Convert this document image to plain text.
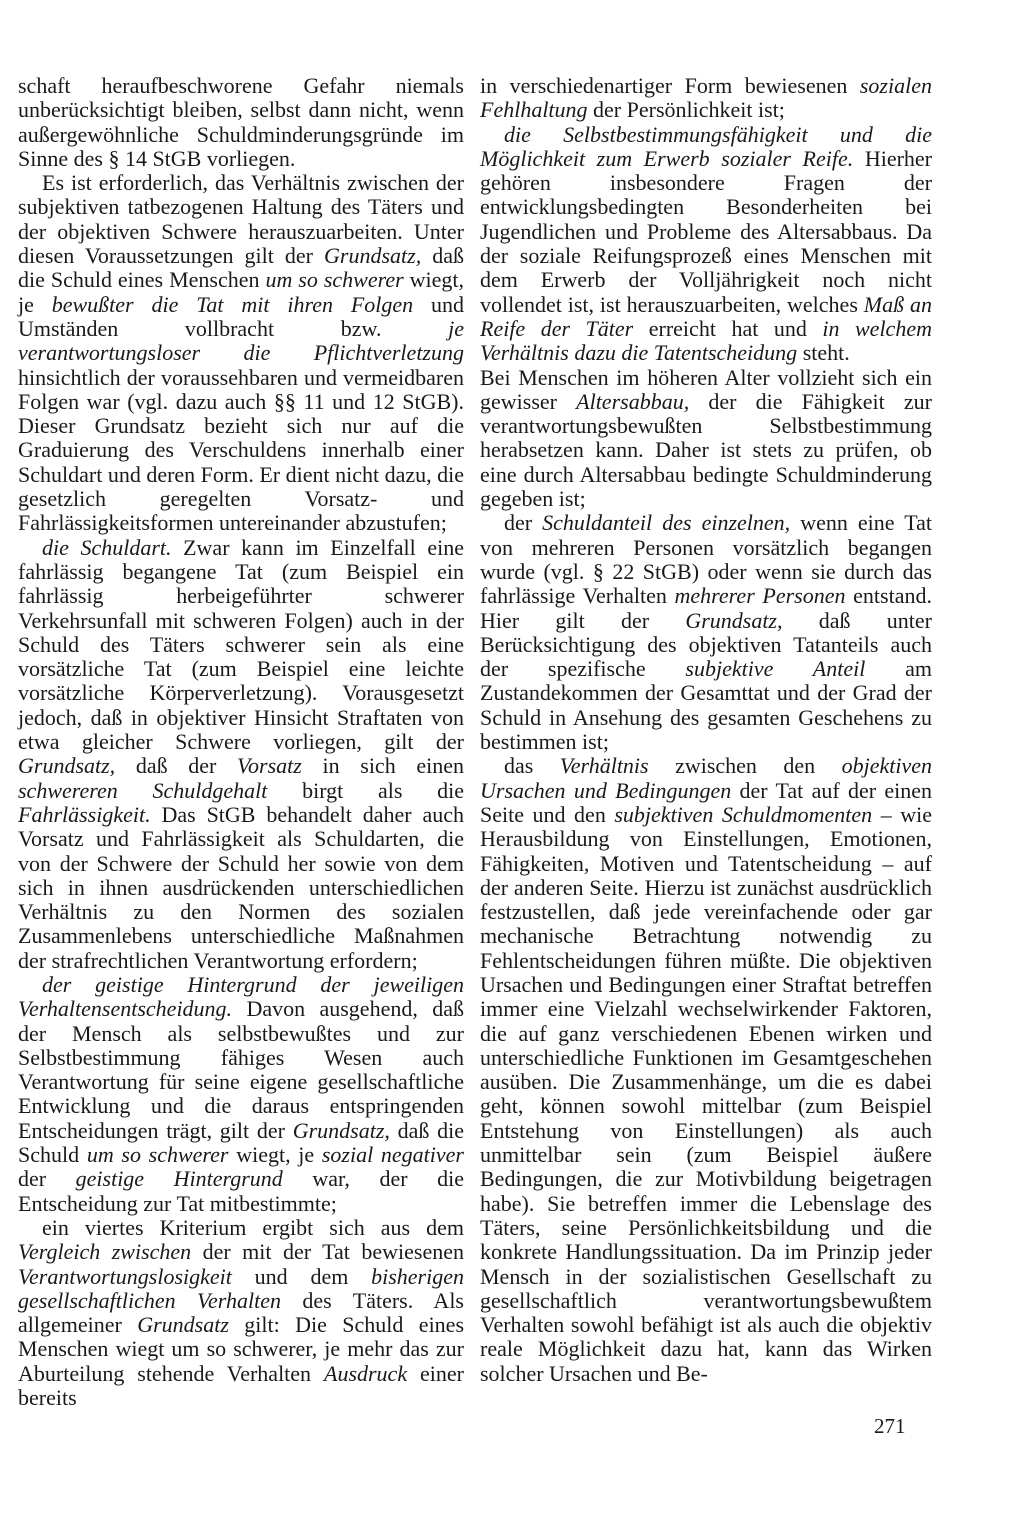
schaft heraufbeschworene Gefahr niemals unberücksichtigt bleiben, selbst dann nicht, wenn außergewöhnliche Schuldminderungsgründe im Sinne des § 14 StGB vorliegen.

Es ist erforderlich, das Verhältnis zwischen der subjektiven tatbezogenen Haltung des Täters und der objektiven Schwere herauszuarbeiten. Unter diesen Voraussetzungen gilt der Grundsatz, daß die Schuld eines Menschen um so schwerer wiegt, je bewußter die Tat mit ihren Folgen und Umständen vollbracht bzw. je verantwortungsloser die Pflichtverletzung hinsichtlich der voraussehbaren und vermeidbaren Folgen war (vgl. dazu auch §§ 11 und 12 StGB). Dieser Grundsatz bezieht sich nur auf die Graduierung des Verschuldens innerhalb einer Schuldart und deren Form. Er dient nicht dazu, die gesetzlich geregelten Vorsatz- und Fahrlässigkeitsformen untereinander abzustufen;

die Schuldart. Zwar kann im Einzelfall eine fahrlässig begangene Tat (zum Beispiel ein fahrlässig herbeigeführter schwerer Verkehrsunfall mit schweren Folgen) auch in der Schuld des Täters schwerer sein als eine vorsätzliche Tat (zum Beispiel eine leichte vorsätzliche Körperverletzung). Vorausgesetzt jedoch, daß in objektiver Hinsicht Straftaten von etwa gleicher Schwere vorliegen, gilt der Grundsatz, daß der Vorsatz in sich einen schwereren Schuldgehalt birgt als die Fahrlässigkeit. Das StGB behandelt daher auch Vorsatz und Fahrlässigkeit als Schuldarten, die von der Schwere der Schuld her sowie von dem sich in ihnen ausdrückenden unterschiedlichen Verhältnis zu den Normen des sozialen Zusammenlebens unterschiedliche Maßnahmen der strafrechtlichen Verantwortung erfordern;

der geistige Hintergrund der jeweiligen Verhaltensentscheidung. Davon ausgehend, daß der Mensch als selbstbewußtes und zur Selbstbestimmung fähiges Wesen auch Verantwortung für seine eigene gesellschaftliche Entwicklung und die daraus entspringenden Entscheidungen trägt, gilt der Grundsatz, daß die Schuld um so schwerer wiegt, je sozial negativer der geistige Hintergrund war, der die Entscheidung zur Tat mitbestimmte;

ein viertes Kriterium ergibt sich aus dem Vergleich zwischen der mit der Tat bewiesenen Verantwortungslosigkeit und dem bisherigen gesellschaftlichen Verhalten des Täters. Als allgemeiner Grundsatz gilt: Die Schuld eines Menschen wiegt um so schwerer, je mehr das zur Aburteilung stehende Verhalten Ausdruck einer bereits

in verschiedenartiger Form bewiesenen sozialen Fehlhaltung der Persönlichkeit ist;

die Selbstbestimmungsfähigkeit und die Möglichkeit zum Erwerb sozialer Reife. Hierher gehören insbesondere Fragen der entwicklungsbedingten Besonderheiten bei Jugendlichen und Probleme des Altersabbaus. Da der soziale Reifungsprozeß eines Menschen mit dem Erwerb der Volljährigkeit noch nicht vollendet ist, ist herauszuarbeiten, welches Maß an Reife der Täter erreicht hat und in welchem Verhältnis dazu die Tatentscheidung steht.

Bei Menschen im höheren Alter vollzieht sich ein gewisser Altersabbau, der die Fähigkeit zur verantwortungsbewußten Selbstbestimmung herabsetzen kann. Daher ist stets zu prüfen, ob eine durch Altersabbau bedingte Schuldminderung gegeben ist;

der Schuldanteil des einzelnen, wenn eine Tat von mehreren Personen vorsätzlich begangen wurde (vgl. § 22 StGB) oder wenn sie durch das fahrlässige Verhalten mehrerer Personen entstand. Hier gilt der Grundsatz, daß unter Berücksichtigung des objektiven Tatanteils auch der spezifische subjektive Anteil am Zustandekommen der Gesamttat und der Grad der Schuld in Ansehung des gesamten Geschehens zu bestimmen ist;

das Verhältnis zwischen den objektiven Ursachen und Bedingungen der Tat auf der einen Seite und den subjektiven Schuldmomenten – wie Herausbildung von Einstellungen, Emotionen, Fähigkeiten, Motiven und Tatentscheidung – auf der anderen Seite. Hierzu ist zunächst ausdrücklich festzustellen, daß jede vereinfachende oder gar mechanische Betrachtung notwendig zu Fehlentscheidungen führen müßte. Die objektiven Ursachen und Bedingungen einer Straftat betreffen immer eine Vielzahl wechselwirkender Faktoren, die auf ganz verschiedenen Ebenen wirken und unterschiedliche Funktionen im Gesamtgeschehen ausüben. Die Zusammenhänge, um die es dabei geht, können sowohl mittelbar (zum Beispiel Entstehung von Einstellungen) als auch unmittelbar sein (zum Beispiel äußere Bedingungen, die zur Motivbildung beigetragen habe). Sie betreffen immer die Lebenslage des Täters, seine Persönlichkeitsbildung und die konkrete Handlungssituation. Da im Prinzip jeder Mensch in der sozialistischen Gesellschaft zu gesellschaftlich verantwortungsbewußtem Verhalten sowohl befähigt ist als auch die objektiv reale Möglichkeit dazu hat, kann das Wirken solcher Ursachen und Be-

271
